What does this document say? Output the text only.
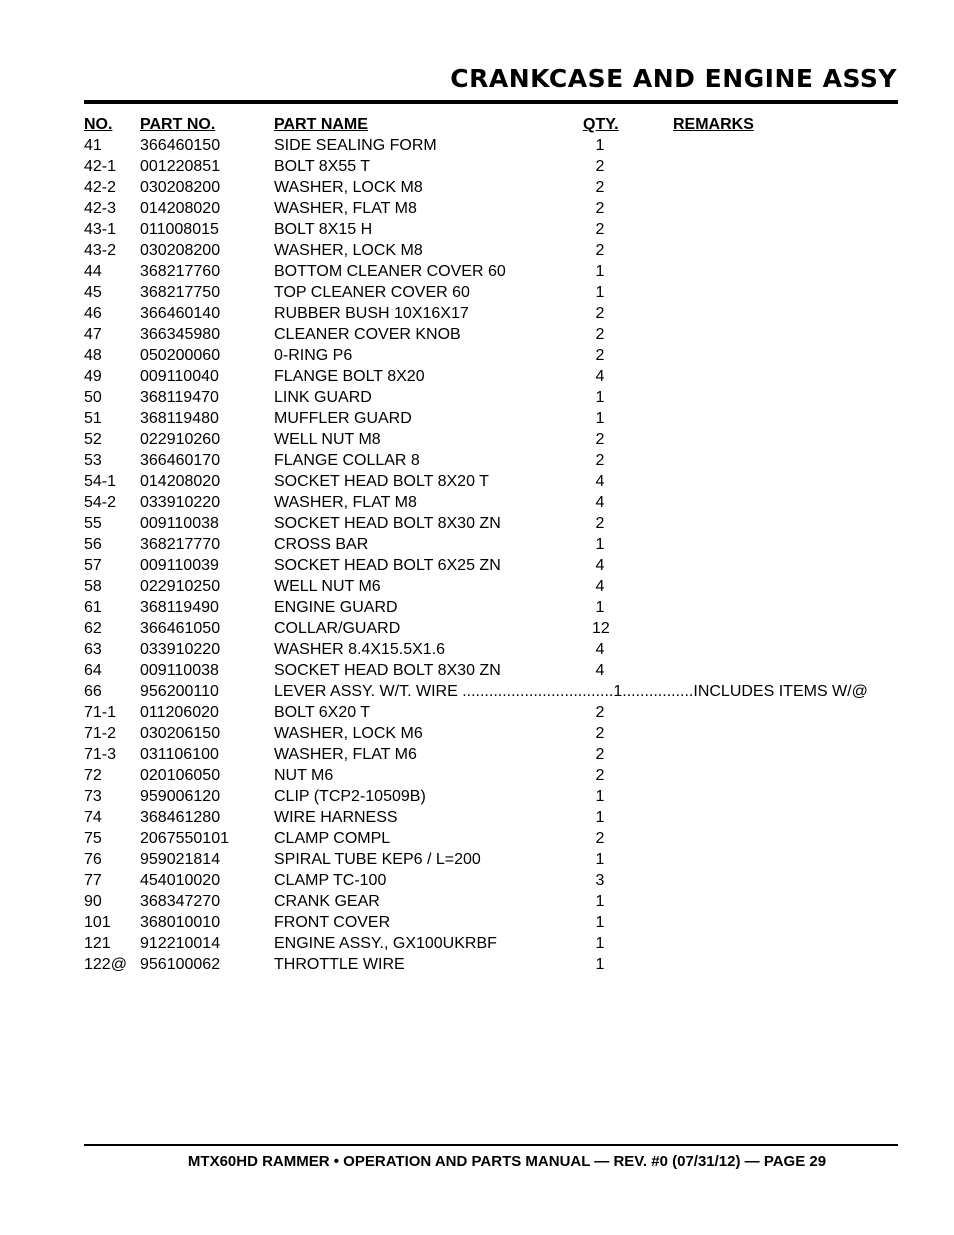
CRANKCASE AND ENGINE ASSY
NO. PART NO.	PART NAME	QTY.	REMARKS
41 366460150	SIDE SEALING FORM	1
42-1 001220851	BOLT 8X55 T	2
42-2 030208200	WASHER, LOCK M8	2
42-3 014208020	WASHER, FLAT M8	2
43-1 011008015	BOLT 8X15 H	2
43-2 030208200	WASHER, LOCK M8	2
44 368217760	BOTTOM CLEANER COVER 60	1
45 368217750	TOP CLEANER COVER 60	1
46 366460140	RUBBER BUSH 10X16X17	2
47 366345980	CLEANER COVER KNOB	2
48 050200060	0-RING P6	2
49 009110040	FLANGE BOLT 8X20	4
50 368119470	LINK GUARD	1
51 368119480	MUFFLER GUARD	1
52 022910260	WELL NUT M8	2
53 366460170	FLANGE COLLAR 8	2
54-1 014208020	SOCKET HEAD BOLT 8X20 T	4
54-2 033910220	WASHER, FLAT M8	4
55 009110038	SOCKET HEAD BOLT 8X30 ZN	2
56 368217770	CROSS BAR	1
57 009110039	SOCKET HEAD BOLT 6X25 ZN	4
58 022910250	WELL NUT M6	4
61 368119490	ENGINE GUARD	1
62 366461050	COLLAR/GUARD	12
63 033910220	WASHER 8.4X15.5X1.6	4
64 009110038	SOCKET HEAD BOLT 8X30 ZN	4
66 956200110	LEVER ASSY. W/T. WIRE ..................................1................INCLUDES ITEMS W/@
71-1 011206020	BOLT 6X20 T	2
71-2 030206150	WASHER, LOCK M6	2
71-3 031106100	WASHER, FLAT M6	2
72 020106050	NUT M6	2
73 959006120	CLIP (TCP2-10509B)	1
74 368461280	WIRE HARNESS	1
75 2067550101	CLAMP COMPL	2
76 959021814	SPIRAL TUBE KEP6 / L=200	1
77 454010020	CLAMP TC-100	3
90 368347270	CRANK GEAR	1
101 368010010	FRONT COVER	1
121 912210014	ENGINE ASSY., GX100UKRBF	1
122@ 956100062	THROTTLE WIRE	1
MTX60HD RAMMER • OPERATION AND PARTS MANUAL — REV. #0 (07/31/12) — PAGE 29
